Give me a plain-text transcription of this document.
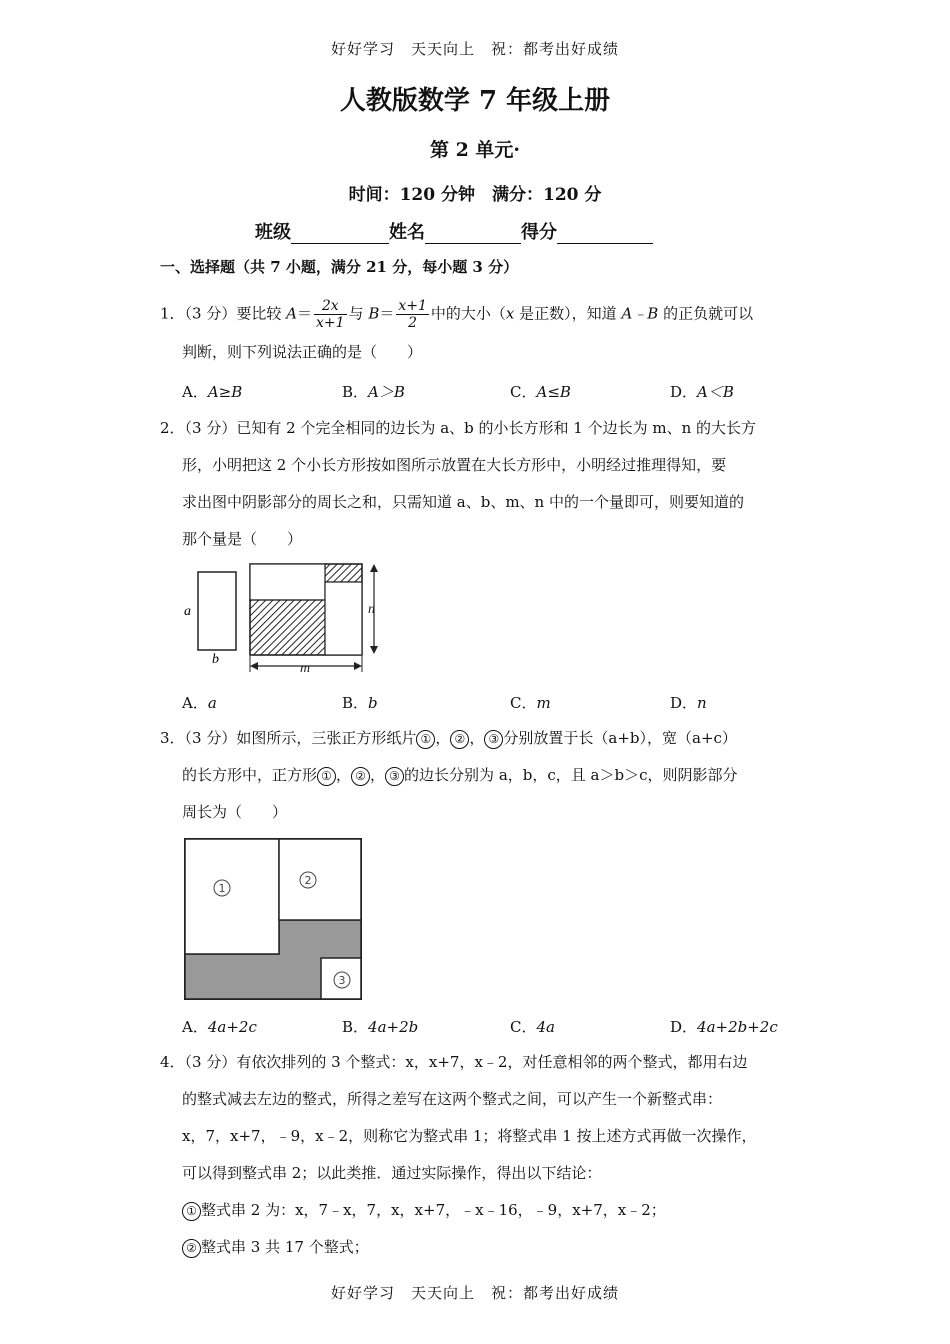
好好学习　天天向上　祝：都考出好成绩
人教版数学 7 年级上册
第 2 单元·
时间：120 分钟　满分：120 分
班级	姓名	得分
一、选择题（共 7 小题，满分 21 分，每小题 3 分）
1．（3 分）要比较 $A= \frac{2x}{x+1}$ 与 $B= \frac{x+1}{2}$ 中的大小（x 是正数），知道 A﹣B 的正负就可以
判断，则下列说法正确的是（　　）
A．A≥B	B．A＞B	C．A≤B	D．A＜B
2．（3 分）已知有 2 个完全相同的边长为 a、b 的小长方形和 1 个边长为 m、n 的大长方
形，小明把这 2 个小长方形按如图所示放置在大长方形中，小明经过推理得知，要
求出图中阴影部分的周长之和，只需知道 a、b、m、n 中的一个量即可，则要知道的
那个量是（　　）
a
b
n
m
A．a	B．b	C．m	D．n
3．（3 分）如图所示，三张正方形纸片 ① ， ② ， ③ 分别放置于长（a+b），宽（a+c）
的长方形中，正方形 ① ， ② ， ③ 的边长分别为 a，b，c，且 a＞b＞c，则阴影部分
周长为（　　）
1
2
3
A．4a+2c	B．4a+2b	C．4a	D．4a+2b+2c
4．（3 分）有依次排列的 3 个整式：x，x+7，x﹣2，对任意相邻的两个整式，都用右边
的整式减去左边的整式，所得之差写在这两个整式之间，可以产生一个新整式串：
x，7，x+7，﹣9，x﹣2，则称它为整式串 1；将整式串 1 按上述方式再做一次操作，
可以得到整式串 2；以此类推．通过实际操作，得出以下结论：
① 整式串 2 为：x，7﹣x，7，x，x+7，﹣x﹣16，﹣9，x+7，x﹣2；
② 整式串 3 共 17 个整式；
好好学习　天天向上　祝：都考出好成绩
